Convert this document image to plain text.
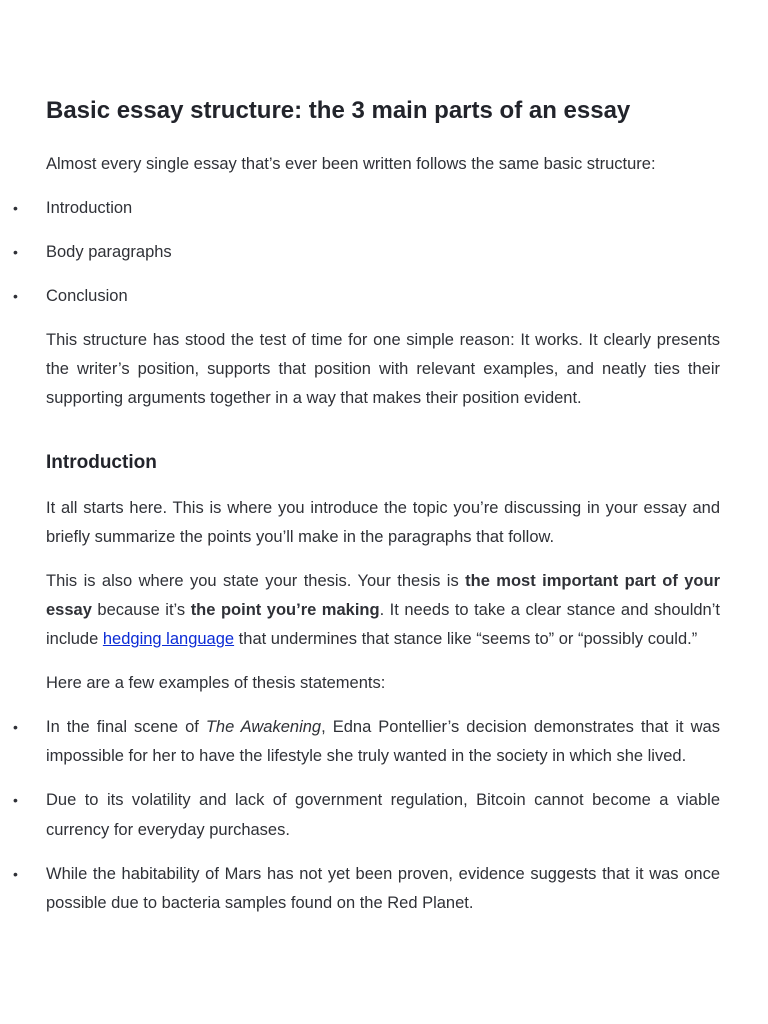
Basic essay structure: the 3 main parts of an essay

Almost every single essay that’s ever been written follows the same basic structure:

•	Introduction
•	Body paragraphs
•	Conclusion

This structure has stood the test of time for one simple reason: It works. It clearly presents the writer’s position, supports that position with relevant examples, and neatly ties their supporting arguments together in a way that makes their position evident.

Introduction

It all starts here. This is where you introduce the topic you’re discussing in your essay and briefly summarize the points you’ll make in the paragraphs that follow.

This is also where you state your thesis. Your thesis is the most important part of your essay because it’s the point you’re making. It needs to take a clear stance and shouldn’t include hedging language that undermines that stance like “seems to” or “possibly could.”

Here are a few examples of thesis statements:

•	In the final scene of The Awakening, Edna Pontellier’s decision demonstrates that it was impossible for her to have the lifestyle she truly wanted in the society in which she lived.
•	Due to its volatility and lack of government regulation, Bitcoin cannot become a viable currency for everyday purchases.
•	While the habitability of Mars has not yet been proven, evidence suggests that it was once possible due to bacteria samples found on the Red Planet.
